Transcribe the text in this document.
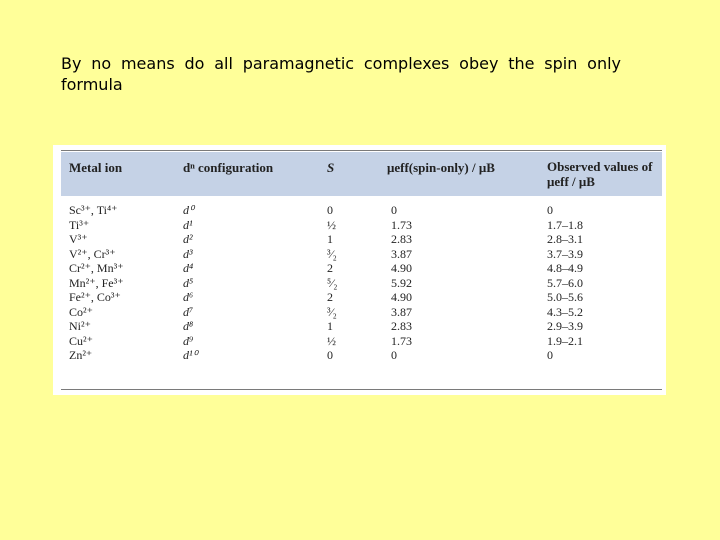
By no means do all paramagnetic complexes obey the spin only formula
Metal ion	dⁿ configuration	S	μeff(spin-only) / μB	Observed values of μeff / μB
Sc³⁺, Ti⁴⁺	d⁰	0	0	0
Ti³⁺	d¹	½	1.73	1.7–1.8
V³⁺	d²	1	2.83	2.8–3.1
V²⁺, Cr³⁺	d³	³⁄₂	3.87	3.7–3.9
Cr²⁺, Mn³⁺	d⁴	2	4.90	4.8–4.9
Mn²⁺, Fe³⁺	d⁵	⁵⁄₂	5.92	5.7–6.0
Fe²⁺, Co³⁺	d⁶	2	4.90	5.0–5.6
Co²⁺	d⁷	³⁄₂	3.87	4.3–5.2
Ni²⁺	d⁸	1	2.83	2.9–3.9
Cu²⁺	d⁹	½	1.73	1.9–2.1
Zn²⁺	d¹⁰	0	0	0
